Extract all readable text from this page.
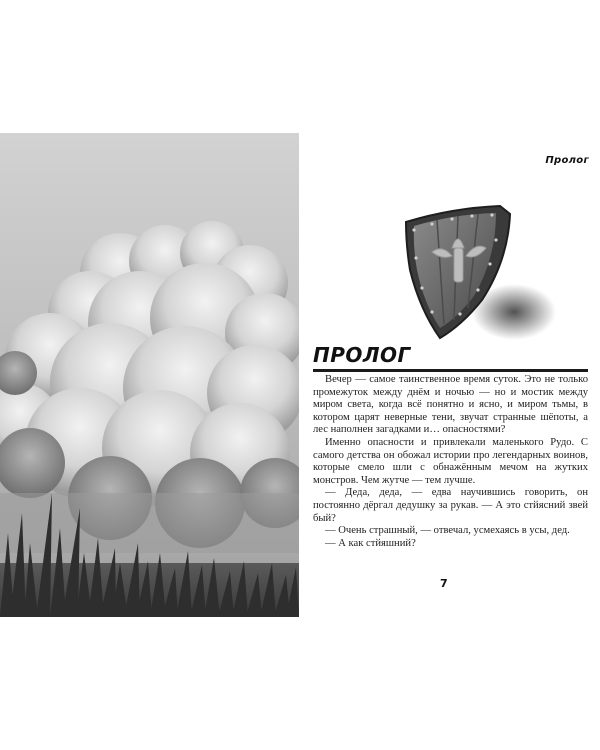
Пролог
ПРОЛОГ

Вечер — самое таинственное время суток. Это не только промежуток между днём и ночью — но и мостик между миром света, когда всё понятно и ясно, и миром тьмы, в котором царят неверные тени, звучат странные шёпоты, а лес наполнен загадками и… опасностями?

Именно опасности и привлекали маленького Рудо. С самого детства он обожал истории про легендарных воинов, которые смело шли с обнажённым мечом на жутких монстров. Чем жутче — тем лучше.

— Деда, деда, — едва научившись говорить, он постоянно дёргал дедушку за рукав. — А это стйясний звей бый?

— Очень страшный, — отвечал, усмехаясь в усы, дед.

— А как стйяшний?

7
